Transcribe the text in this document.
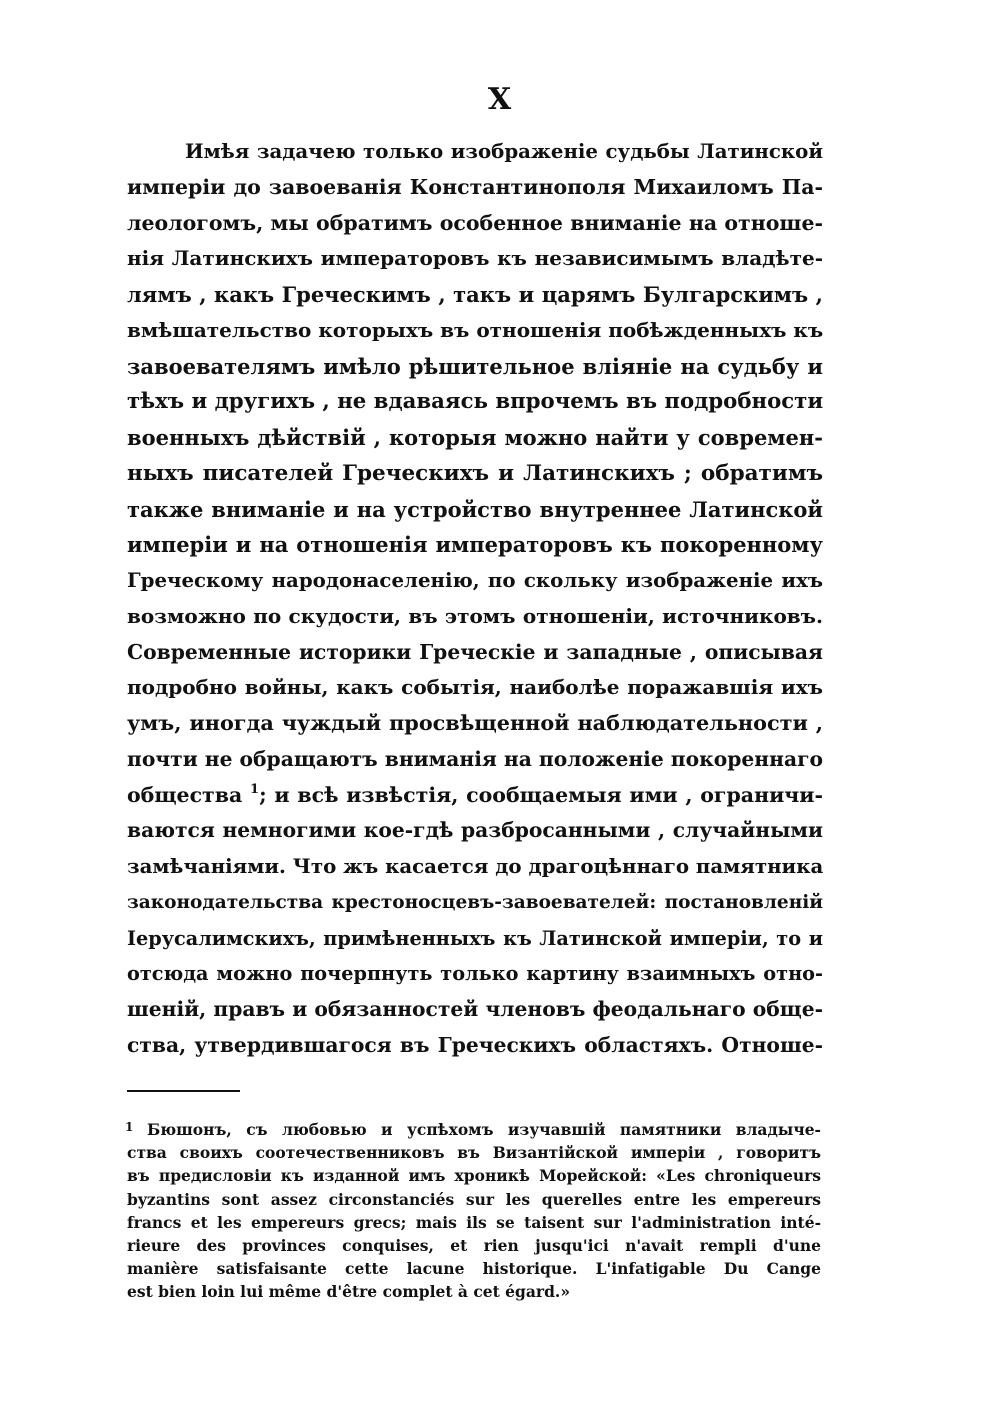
X
Имѣя задачею только изображеніе судьбы Латинской
имперіи до завоеванія Константинополя Михаиломъ Па-
леологомъ, мы обратимъ особенное вниманіе на отноше-
нія Латинскихъ императоровъ къ независимымъ владѣте-
лямъ , какъ Греческимъ , такъ и царямъ Булгарскимъ ,
вмѣшательство которыхъ въ отношенія побѣжденныхъ къ
завоевателямъ имѣло рѣшительное вліяніе на судьбу и
тѣхъ и другихъ , не вдаваясь впрочемъ въ подробности
военныхъ дѣйствій , которыя можно найти у современ-
ныхъ писателей Греческихъ и Латинскихъ ; обратимъ
также вниманіе и на устройство внутреннее Латинской
имперіи и на отношенія императоровъ къ покоренному
Греческому народонаселенію, по скольку изображеніе ихъ
возможно по скудости, въ этомъ отношеніи, источниковъ.
Современные историки Греческіе и западные , описывая
подробно войны, какъ событія, наиболѣе поражавшія ихъ
умъ, иногда чуждый просвѣщенной наблюдательности ,
почти не обращаютъ вниманія на положеніе покореннаго
общества $^1$; и всѣ извѣстія, сообщаемыя ими , ограничи-
ваются немногими кое-гдѣ разбросанными , случайными
замѣчаніями. Что жъ касается до драгоцѣннаго памятника
законодательства крестоносцевъ-завоевателей: постановленій
Іерусалимскихъ, примѣненныхъ къ Латинской имперіи, то и
отсюда можно почерпнуть только картину взаимныхъ отно-
шеній, правъ и обязанностей членовъ феодальнаго обще-
ства, утвердившагося въ Греческихъ областяхъ. Отноше-
1 Бюшонъ, съ любовью и успѣхомъ изучавшій памятники владыче-
ства своихъ соотечественниковъ въ Византійской имперіи , говоритъ
въ предисловіи къ изданной имъ хроникѣ Морейской: «Les chroniqueurs
byzantins sont assez circonstanciés sur les querelles entre les empereurs
francs et les empereurs grecs; mais ils se taisent sur l'administration inté-
rieure des provinces conquises, et rien jusqu'ici n'avait rempli d'une
manière satisfaisante cette lacune historique. L'infatigable Du Cange
est bien loin lui même d'être complet à cet égard.»
